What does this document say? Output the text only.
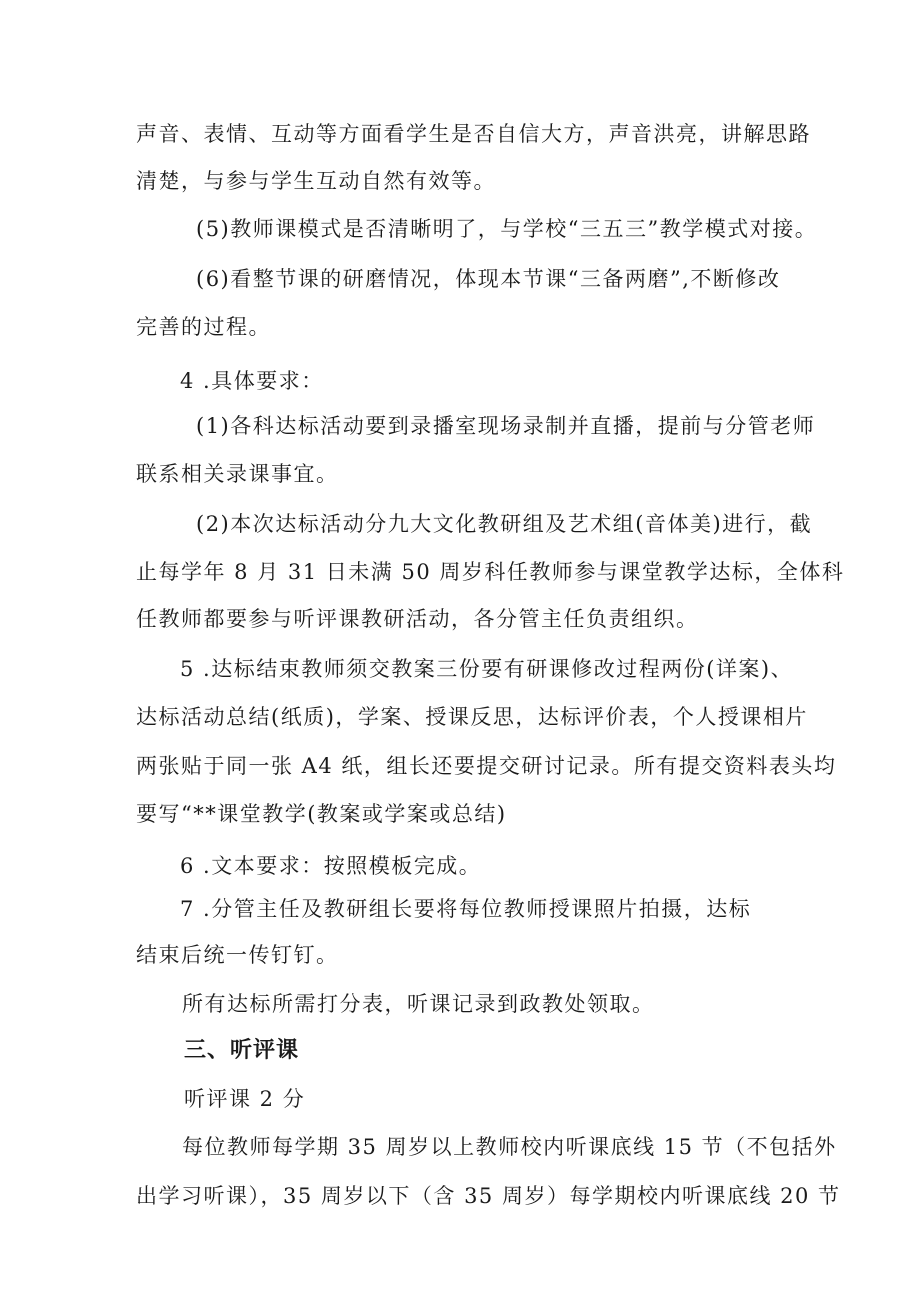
声音、表情、互动等方面看学生是否自信大方，声音洪亮，讲解思路
清楚，与参与学生互动自然有效等。
(5)教师课模式是否清晰明了，与学校“三五三”教学模式对接。
(6)看整节课的研磨情况，体现本节课“三备两磨”,不断修改
完善的过程。
4 .具体要求：
(1)各科达标活动要到录播室现场录制并直播，提前与分管老师
联系相关录课事宜。
(2)本次达标活动分九大文化教研组及艺术组(音体美)进行，截
止每学年 8 月 31 日未满 50 周岁科任教师参与课堂教学达标，全体科
任教师都要参与听评课教研活动，各分管主任负责组织。
5 .达标结束教师须交教案三份要有研课修改过程两份(详案)、
达标活动总结(纸质)，学案、授课反思，达标评价表，个人授课相片
两张贴于同一张 A4 纸，组长还要提交研讨记录。所有提交资料表头均
要写“**课堂教学(教案或学案或总结)
6 .文本要求：按照模板完成。
7 .分管主任及教研组长要将每位教师授课照片拍摄，达标
结束后统一传钉钉。
所有达标所需打分表，听课记录到政教处领取。
三、听评课
听评课 2 分
每位教师每学期 35 周岁以上教师校内听课底线 15 节（不包括外
出学习听课），35 周岁以下（含 35 周岁）每学期校内听课底线 20 节
